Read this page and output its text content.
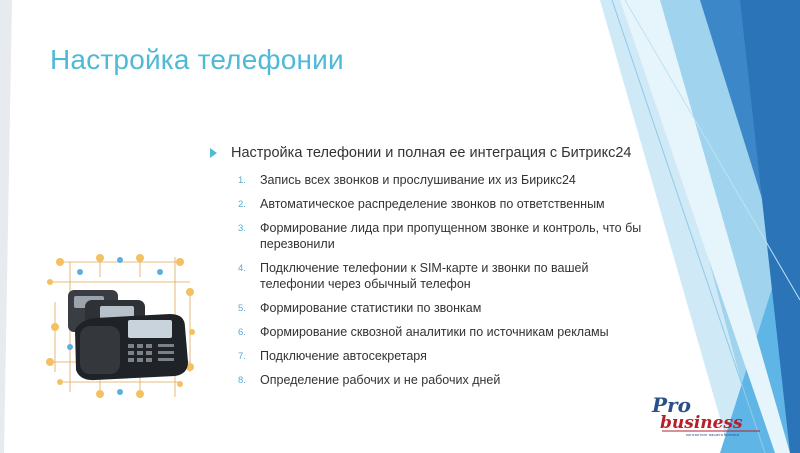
Настройка телефонии
Настройка телефонии и полная ее интеграция с Битрикс24
1.	Запись всех звонков и прослушивание их из Бирикс24
2.	Автоматическое распределение звонков по ответственным
3.	Формирование лида при пропущенном звонке и контроль, что бы перезвонили
4.	Подключение телефонии к SIM-карте и звонки по вашей телефонии через обычный телефон
5.	Формирование статистики по звонкам
6.	Формирование сквозной аналитики по источникам рекламы
7.	Подключение автосекретаря
8.	Определение рабочих и не рабочих дней
Pro
business
консалтинг вашего бизнеса
